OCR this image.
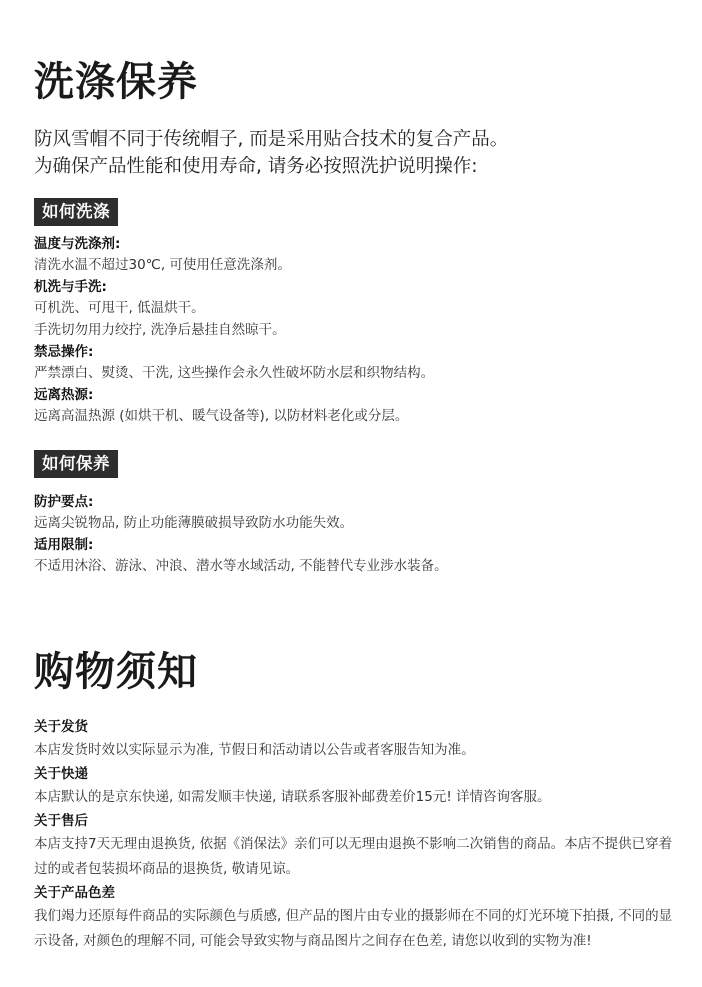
洗涤保养
防风雪帽不同于传统帽子, 而是采用贴合技术的复合产品。
为确保产品性能和使用寿命, 请务必按照洗护说明操作:
如何洗涤
温度与洗涤剂:
清洗水温不超过30℃, 可使用任意洗涤剂。
机洗与手洗:
可机洗、可甩干, 低温烘干。
手洗切勿用力绞拧, 洗净后悬挂自然晾干。
禁忌操作:
严禁漂白、熨烫、干洗, 这些操作会永久性破坏防水层和织物结构。
远离热源:
远离高温热源 (如烘干机、暖气设备等), 以防材料老化或分层。
如何保养
防护要点:
远离尖锐物品, 防止功能薄膜破损导致防水功能失效。
适用限制:
不适用沐浴、游泳、冲浪、潜水等水域活动, 不能替代专业涉水装备。
购物须知
关于发货
本店发货时效以实际显示为准, 节假日和活动请以公告或者客服告知为准。
关于快递
本店默认的是京东快递, 如需发顺丰快递, 请联系客服补邮费差价15元! 详情咨询客服。
关于售后
本店支持7天无理由退换货, 依据《消保法》亲们可以无理由退换不影响二次销售的商品。本店不提供已穿着过的或者包装损坏商品的退换货, 敬请见谅。
关于产品色差
我们竭力还原每件商品的实际颜色与质感, 但产品的图片由专业的摄影师在不同的灯光环境下拍摄, 不同的显示设备, 对颜色的理解不同, 可能会导致实物与商品图片之间存在色差, 请您以收到的实物为准!
